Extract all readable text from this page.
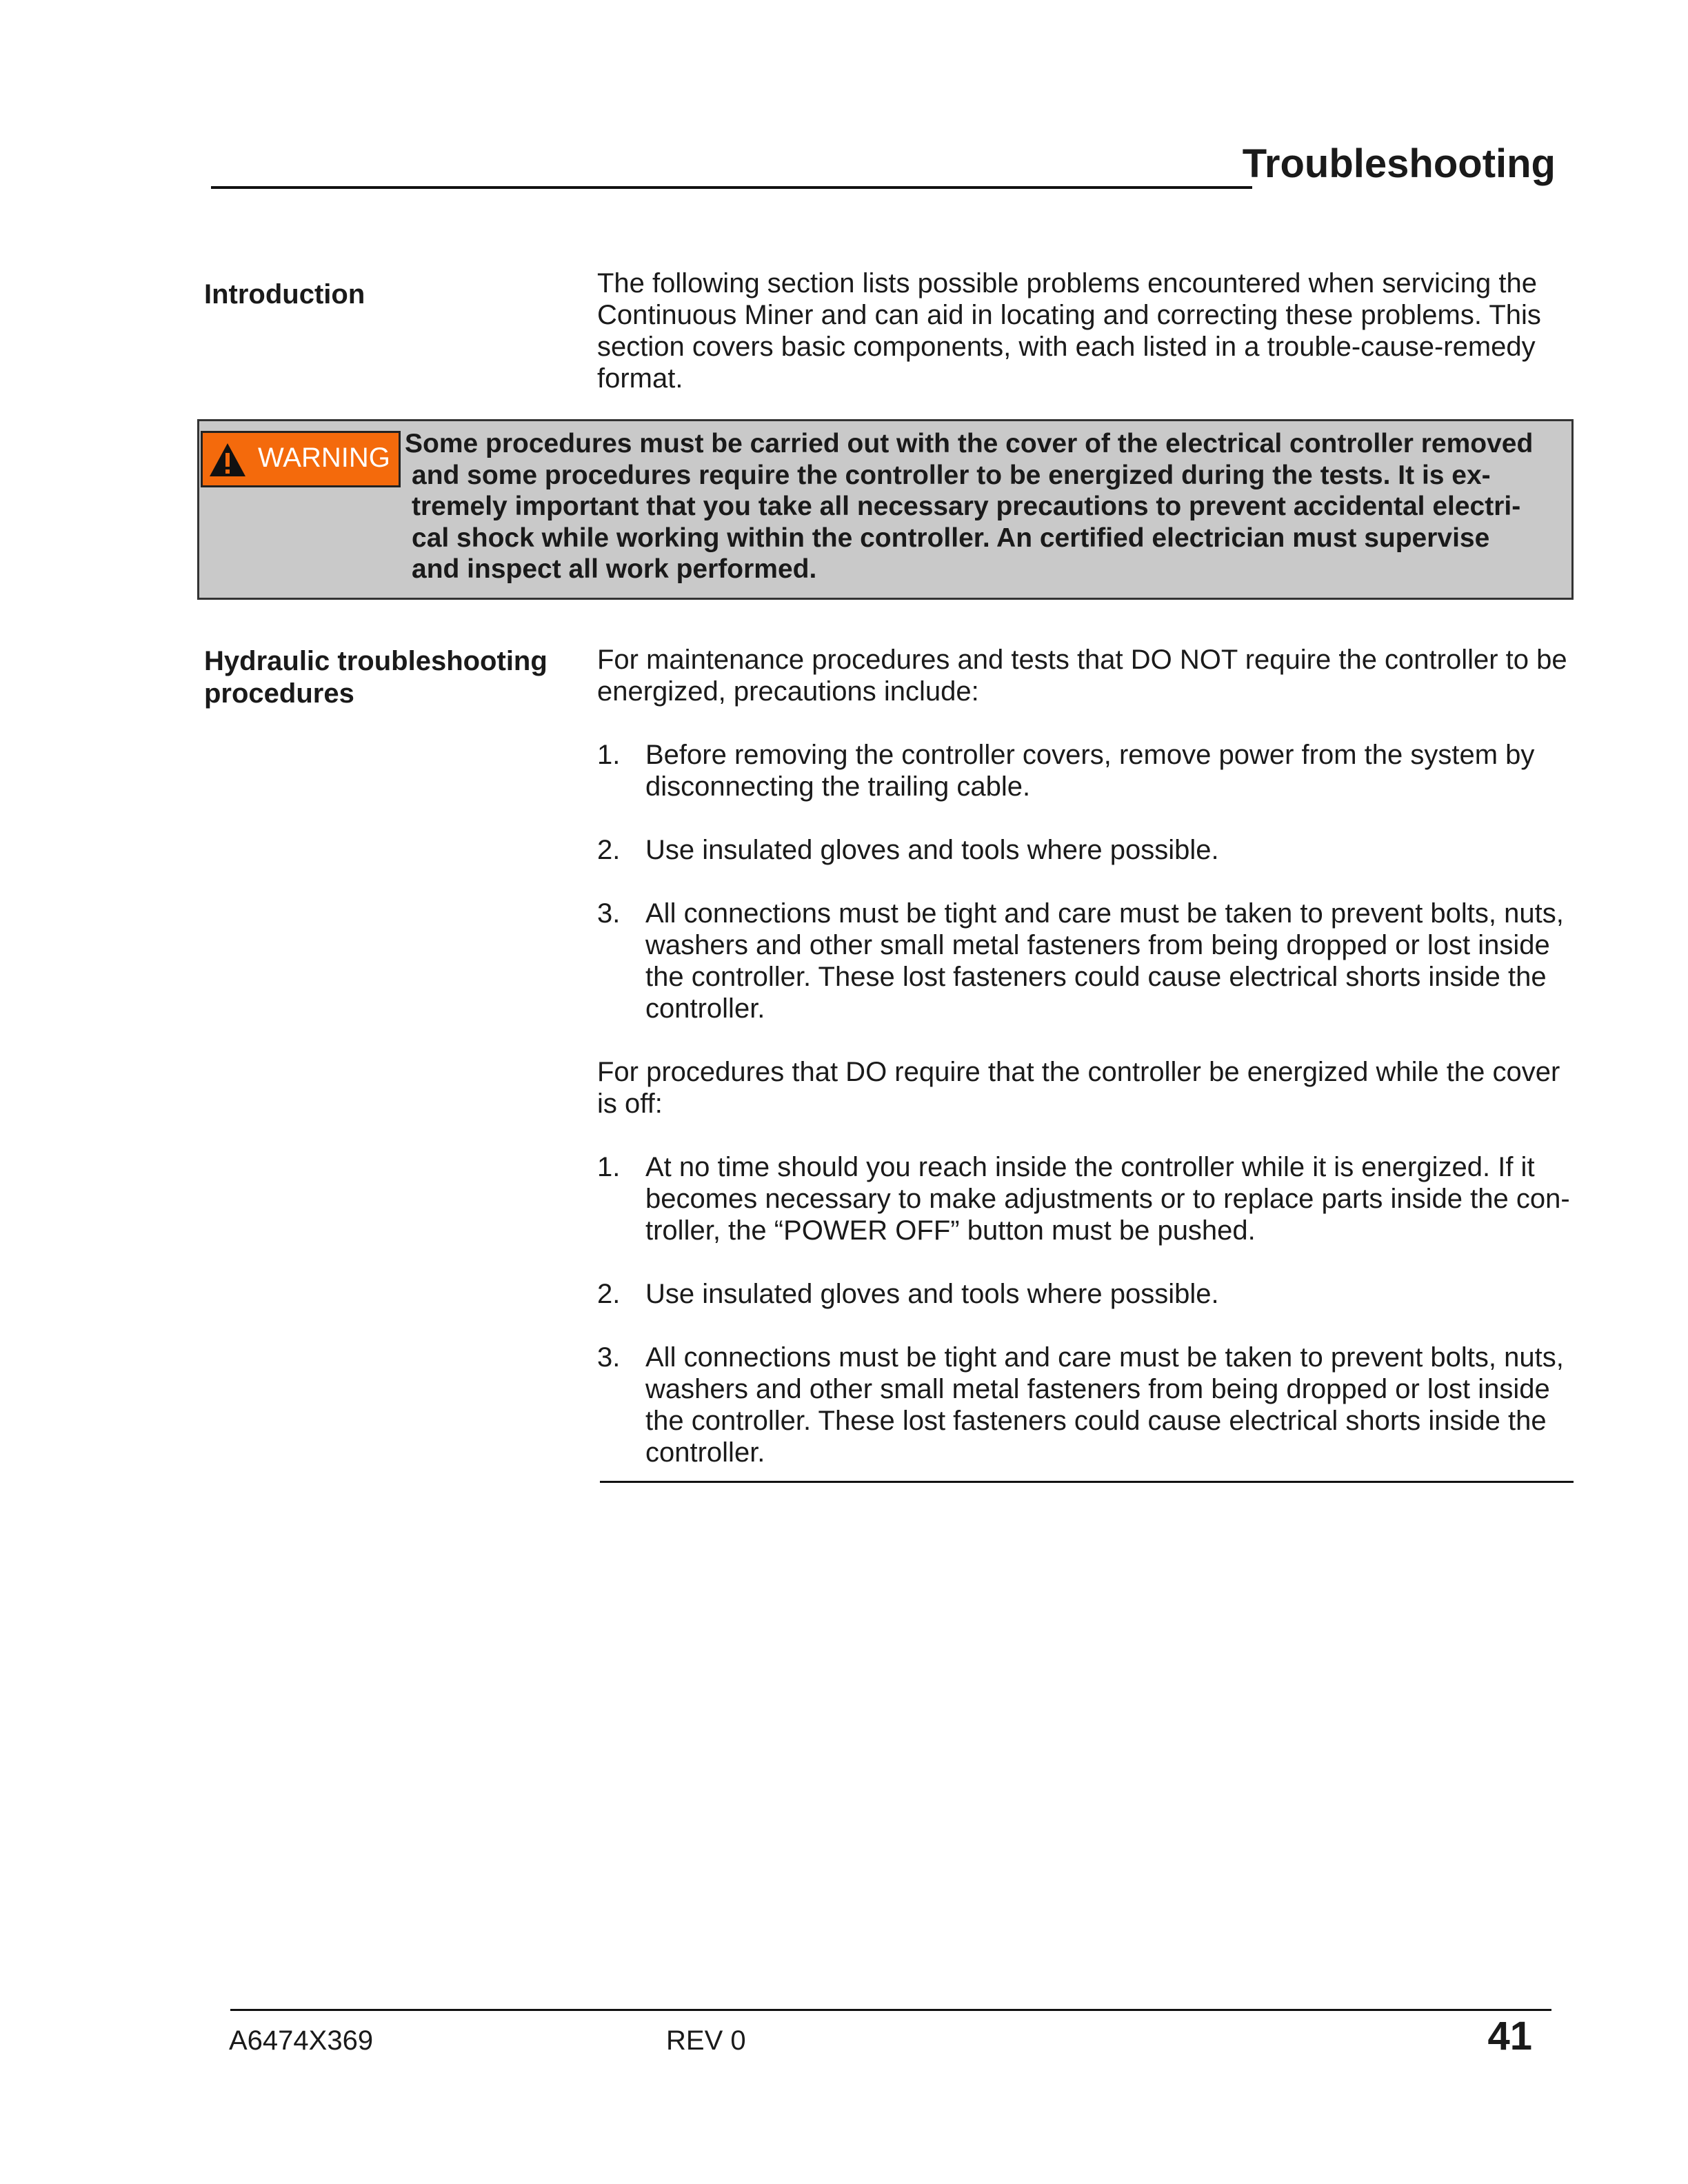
Troubleshooting
Introduction	The following section lists possible problems encountered when servicing the Continuous Miner and can aid in locating and correcting these problems. This section covers basic components, with each listed in a trouble-cause-remedy format.

WARNING Some procedures must be carried out with the cover of the electrical controller removed
and some procedures require the controller to be energized during the tests. It is ex-
tremely important that you take all necessary precautions to prevent accidental electri-
cal shock while working within the controller. An certified electrician must supervise
and inspect all work performed.
Hydraulic troubleshooting
procedures

For maintenance procedures and tests that DO NOT require the controller to be energized, precautions include:

1. Before removing the controller covers, remove power from the system by disconnecting the trailing cable.
2. Use insulated gloves and tools where possible.
3. All connections must be tight and care must be taken to prevent bolts, nuts, washers and other small metal fasteners from being dropped or lost inside the controller. These lost fasteners could cause electrical shorts inside the controller.

For procedures that DO require that the controller be energized while the cover is off:

1. At no time should you reach inside the controller while it is energized. If it becomes necessary to make adjustments or to replace parts inside the con-troller, the “POWER OFF” button must be pushed.
2. Use insulated gloves and tools where possible.
3. All connections must be tight and care must be taken to prevent bolts, nuts, washers and other small metal fasteners from being dropped or lost inside the controller. These lost fasteners could cause electrical shorts inside the controller.
A6474X369	REV 0	41
